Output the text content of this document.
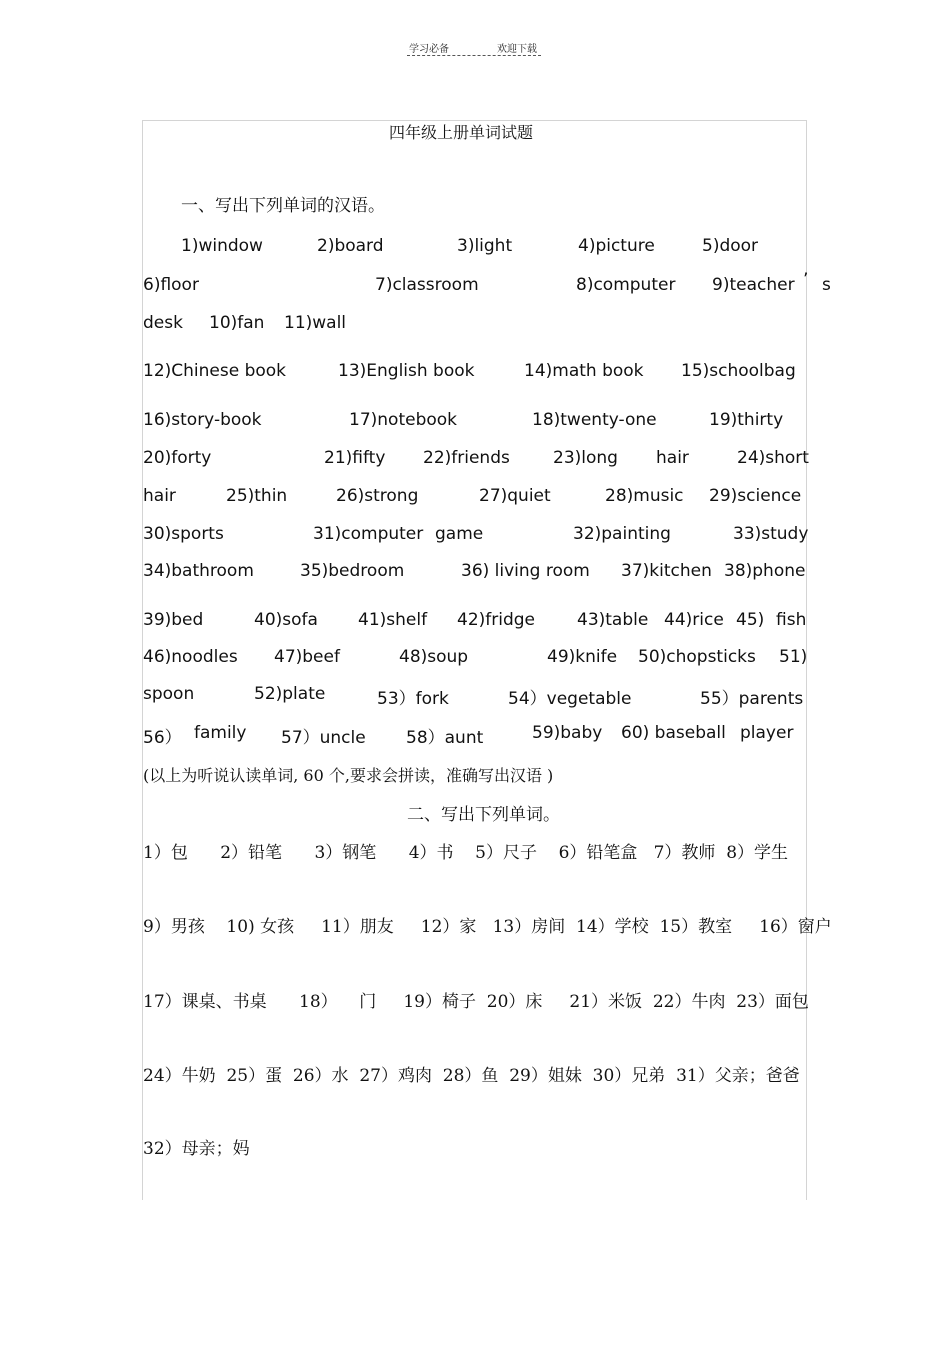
学习必备	欢迎下载
四年级上册单词试题
一、写出下列单词的汉语。
1)window	2)board	3)light	4)picture	5)door
6)floor	7)classroom	8)computer 9)teacher ’ s
desk 10)fan 11)wall
12)Chinese book	13)English book	14)math book 15)schoolbag
16)story-book	17)notebook	18)twenty-one	19)thirty
20)forty	21)fifty 22)friends	23)long hair	24)short
hair	25)thin	26)strong	27)quiet	28)music 29)science
30)sports	31)computer game	32)painting	33)study
34)bathroom	35)bedroom	36) living room 37)kitchen 38)phone
39)bed	40)sofa 41)shelf 42)fridge 43)table 44)rice 45) fish
46)noodles 47)beef	48)soup	49)knife 50)chopsticks 51)
spoon	52)plate	53）fork	54）vegetable	55）parents
56） family 57）uncle 58）aunt	59)baby 60) baseball player
(以上为听说认读单词, 60 个,要求会拼读，准确写出汉语 )
二、写出下列单词。
1）包      2）铅笔      3）钢笔      4）书    5）尺子    6）铅笔盒   7）教师  8）学生
9）男孩    10) 女孩     11）朋友     12）家   13）房间  14）学校  15）教室     16）窗户
17）课桌、书桌      18）    门     19）椅子  20）床     21）米饭  22）牛肉  23）面包
24）牛奶  25）蛋  26）水  27）鸡肉  28）鱼  29）姐妹  30）兄弟  31）父亲；爸爸
32）母亲；妈
